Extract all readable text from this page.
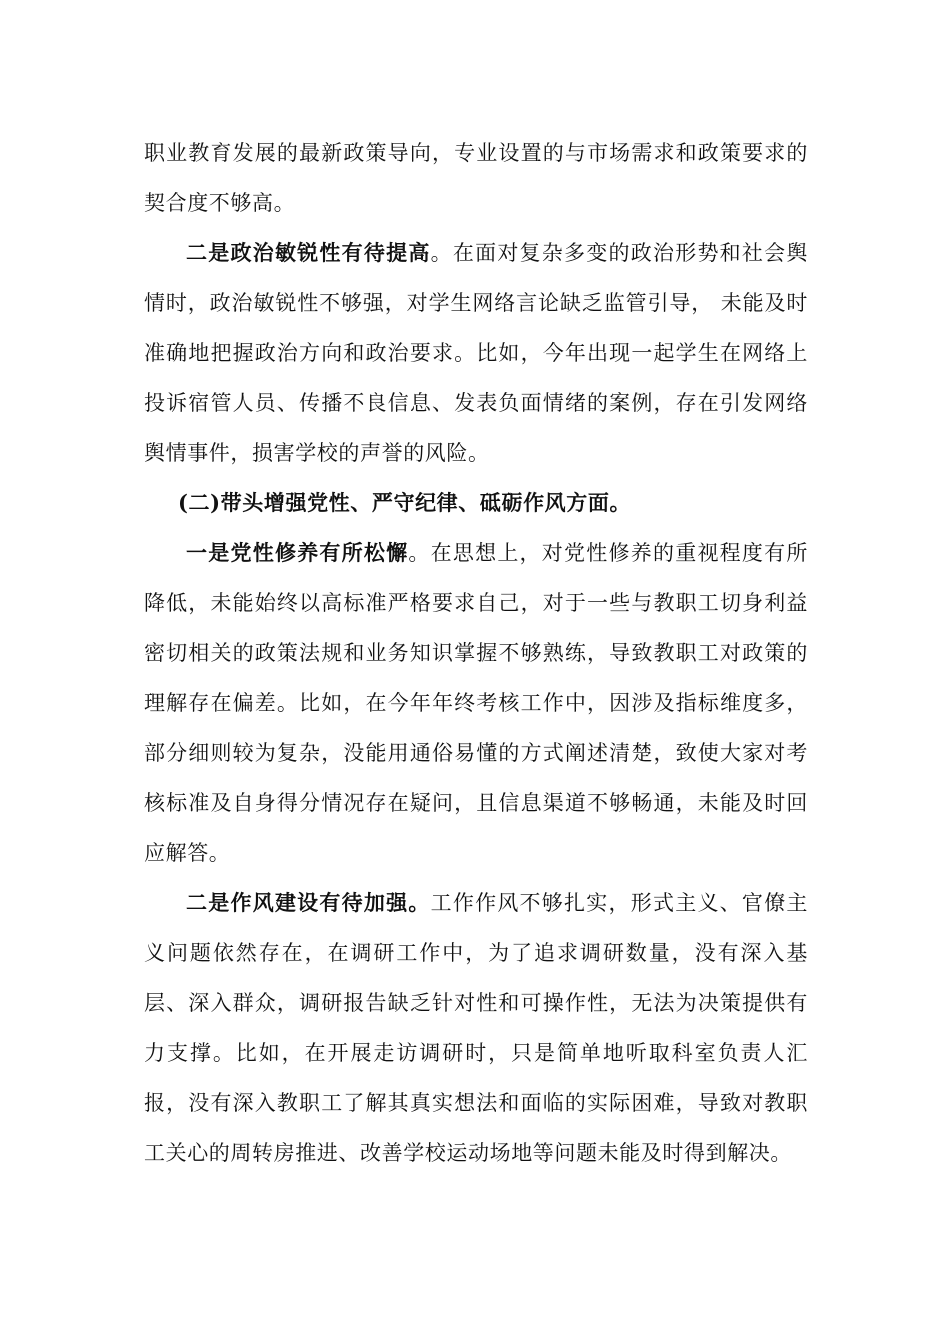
职业教育发展的最新政策导向，专业设置的与市场需求和政策要求的契合度不够高。

二是政治敏锐性有待提高。在面对复杂多变的政治形势和社会舆情时，政治敏锐性不够强，对学生网络言论缺乏监管引导， 未能及时准确地把握政治方向和政治要求。比如，今年出现一起学生在网络上投诉宿管人员、传播不良信息、发表负面情绪的案例，存在引发网络舆情事件，损害学校的声誉的风险。

(二)带头增强党性、严守纪律、砥砺作风方面。

一是党性修养有所松懈。在思想上，对党性修养的重视程度有所降低，未能始终以高标准严格要求自己，对于一些与教职工切身利益密切相关的政策法规和业务知识掌握不够熟练，导致教职工对政策的理解存在偏差。比如，在今年年终考核工作中，因涉及指标维度多，部分细则较为复杂，没能用通俗易懂的方式阐述清楚，致使大家对考核标准及自身得分情况存在疑问，且信息渠道不够畅通，未能及时回应解答。

二是作风建设有待加强。工作作风不够扎实，形式主义、官僚主义问题依然存在，在调研工作中，为了追求调研数量，没有深入基层、深入群众，调研报告缺乏针对性和可操作性，无法为决策提供有力支撑。比如，在开展走访调研时，只是简单地听取科室负责人汇报，没有深入教职工了解其真实想法和面临的实际困难，导致对教职工关心的周转房推进、改善学校运动场地等问题未能及时得到解决。
